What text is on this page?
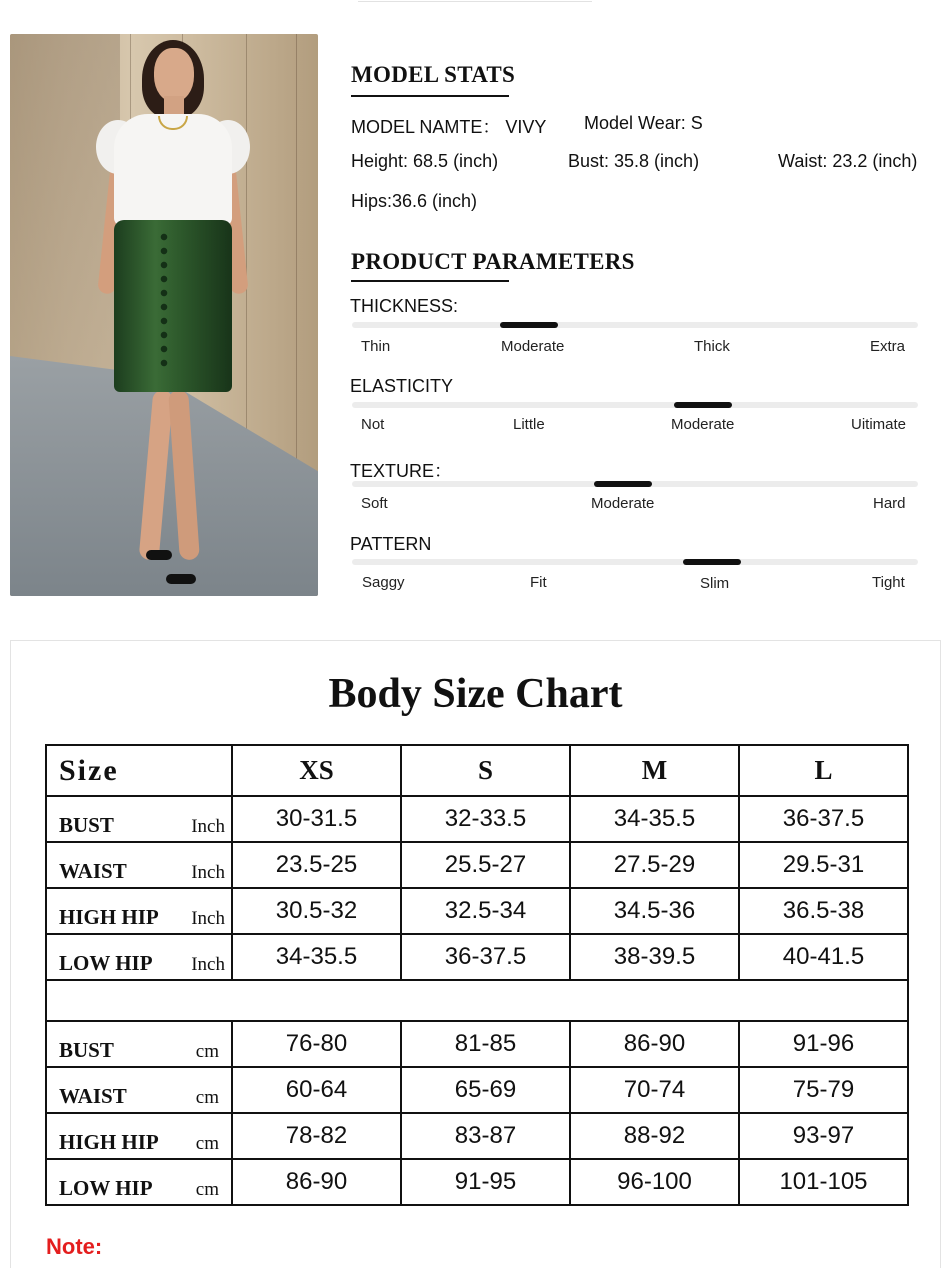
MODEL STATS
MODEL NAMTE： VIVY Model Wear: S
Height: 68.5 (inch)	Bust: 35.8 (inch)	Waist: 23.2 (inch)
Hips:36.6 (inch)
PRODUCT PARAMETERS
THICKNESS:
Thin	Moderate	Thick	Extra
ELASTICITY
Not	Little	Moderate	Uitimate
TEXTURE：
Soft	Moderate	Hard
PATTERN
Saggy	Fit	Slim	Tight
Body Size Chart
Size	XS	S	M	L

BUST Inch	30-31.5	32-33.5	34-35.5	36-37.5

WAIST Inch	23.5-25	25.5-27	27.5-29	29.5-31

HIGH HIP Inch	30.5-32	32.5-34	34.5-36	36.5-38

LOW HIP Inch	34-35.5	36-37.5	38-39.5	40-41.5

BUST cm	76-80	81-85	86-90	91-96

WAIST cm	60-64	65-69	70-74	75-79

HIGH HIP cm	78-82	83-87	88-92	93-97

LOW HIP cm	86-90	91-95	96-100	101-105
Note:
